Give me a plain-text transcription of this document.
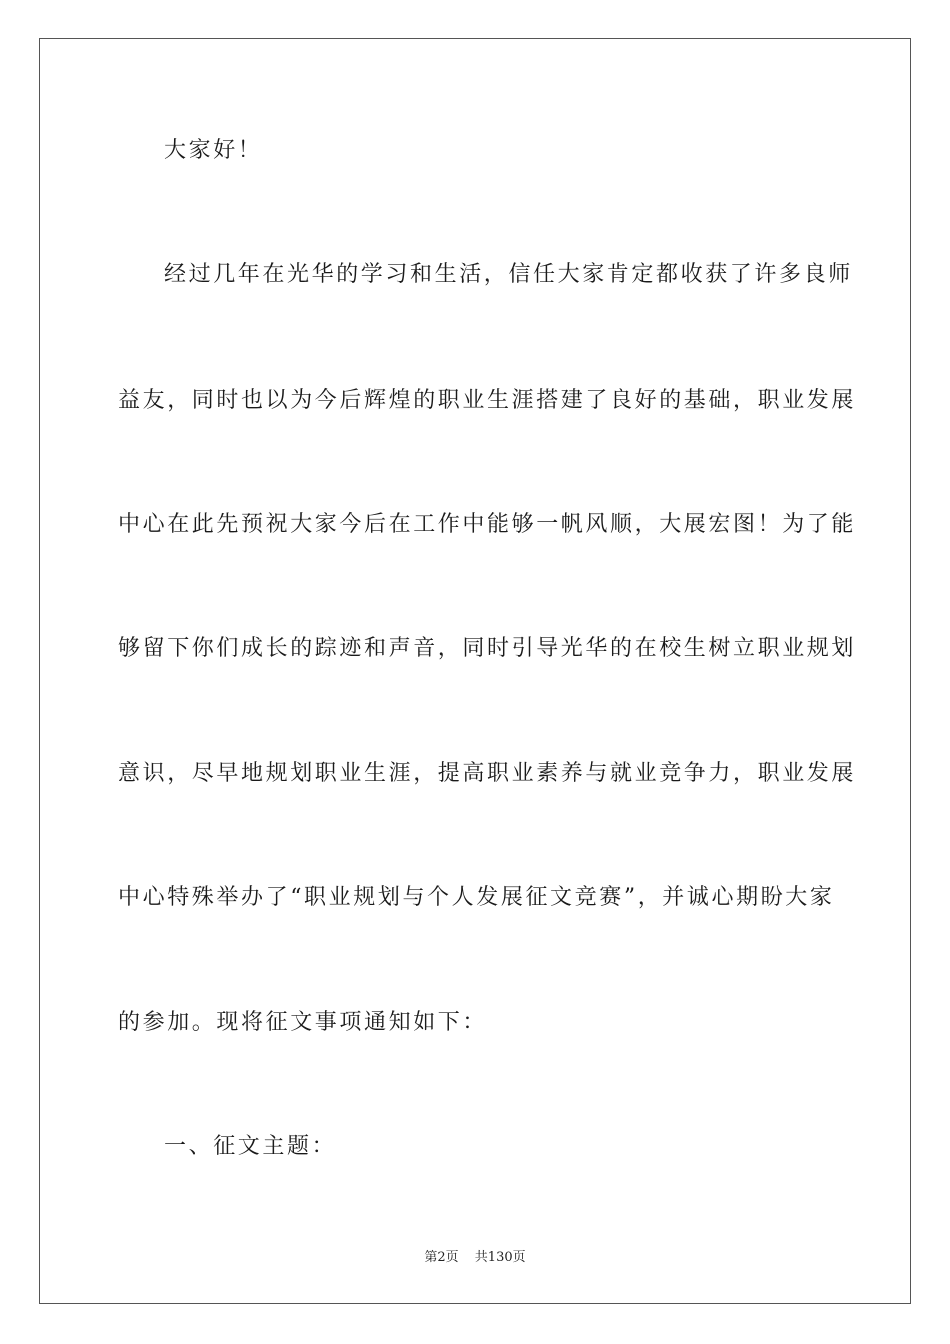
大家好！
经过几年在光华的学习和生活，信任大家肯定都收获了许多良师
益友，同时也以为今后辉煌的职业生涯搭建了良好的基础，职业发展
中心在此先预祝大家今后在工作中能够一帆风顺，大展宏图！为了能
够留下你们成长的踪迹和声音，同时引导光华的在校生树立职业规划
意识，尽早地规划职业生涯，提高职业素养与就业竞争力，职业发展
中心特殊举办了“职业规划与个人发展征文竞赛”，并诚心期盼大家
的参加。现将征文事项通知如下：
一、征文主题：
第2页 共130页
